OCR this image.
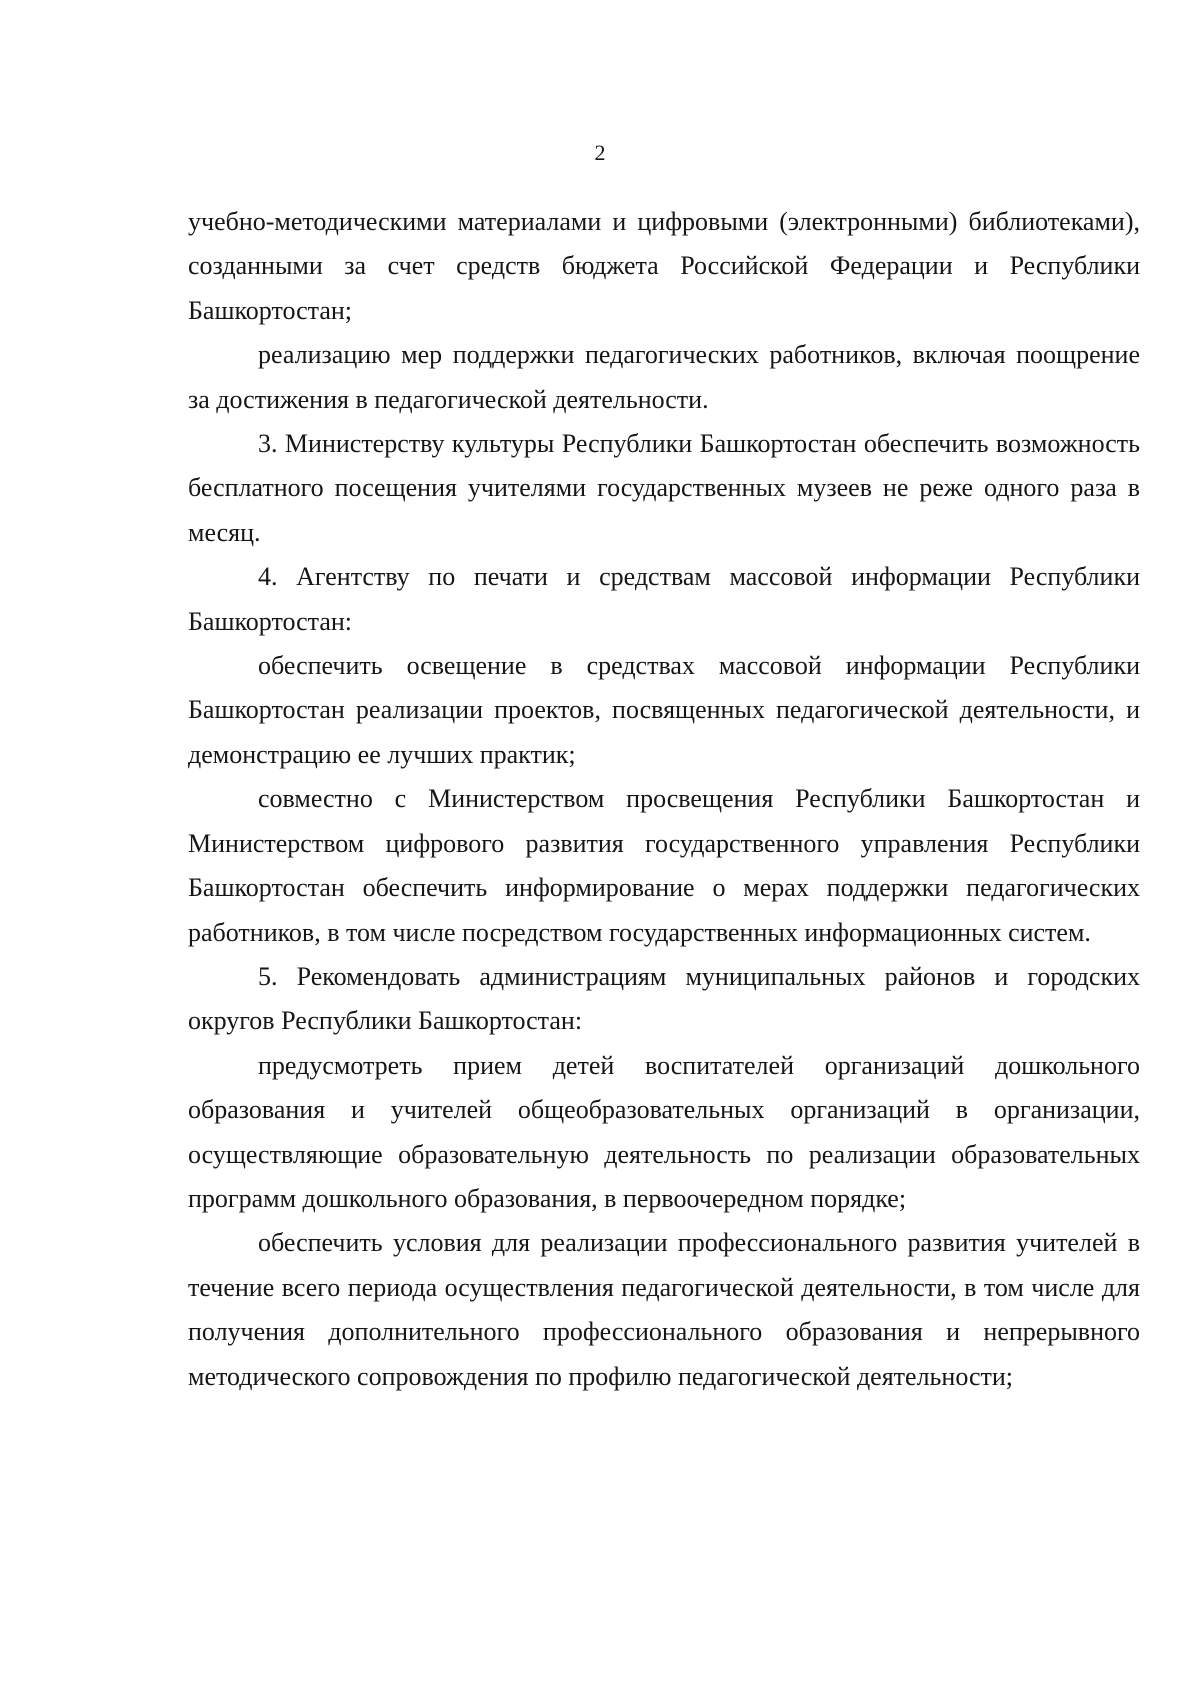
2

учебно-методическими материалами и цифровыми (электронными) библиотеками), созданными за счет средств бюджета Российской Федерации и Республики Башкортостан;

реализацию мер поддержки педагогических работников, включая поощрение за достижения в педагогической деятельности.

3. Министерству культуры Республики Башкортостан обеспечить возможность бесплатного посещения учителями государственных музеев не реже одного раза в месяц.

4. Агентству по печати и средствам массовой информации Республики Башкортостан:

обеспечить освещение в средствах массовой информации Республики Башкортостан реализации проектов, посвященных педагогической деятельности, и демонстрацию ее лучших практик;

совместно с Министерством просвещения Республики Башкортостан и Министерством цифрового развития государственного управления Республики Башкортостан обеспечить информирование о мерах поддержки педагогических работников, в том числе посредством государственных информационных систем.

5. Рекомендовать администрациям муниципальных районов и городских округов Республики Башкортостан:

предусмотреть прием детей воспитателей организаций дошкольного образования и учителей общеобразовательных организаций в организации, осуществляющие образовательную деятельность по реализации образовательных программ дошкольного образования, в первоочередном порядке;

обеспечить условия для реализации профессионального развития учителей в течение всего периода осуществления педагогической деятельности, в том числе для получения дополнительного профессионального образования и непрерывного методического сопровождения по профилю педагогической деятельности;
